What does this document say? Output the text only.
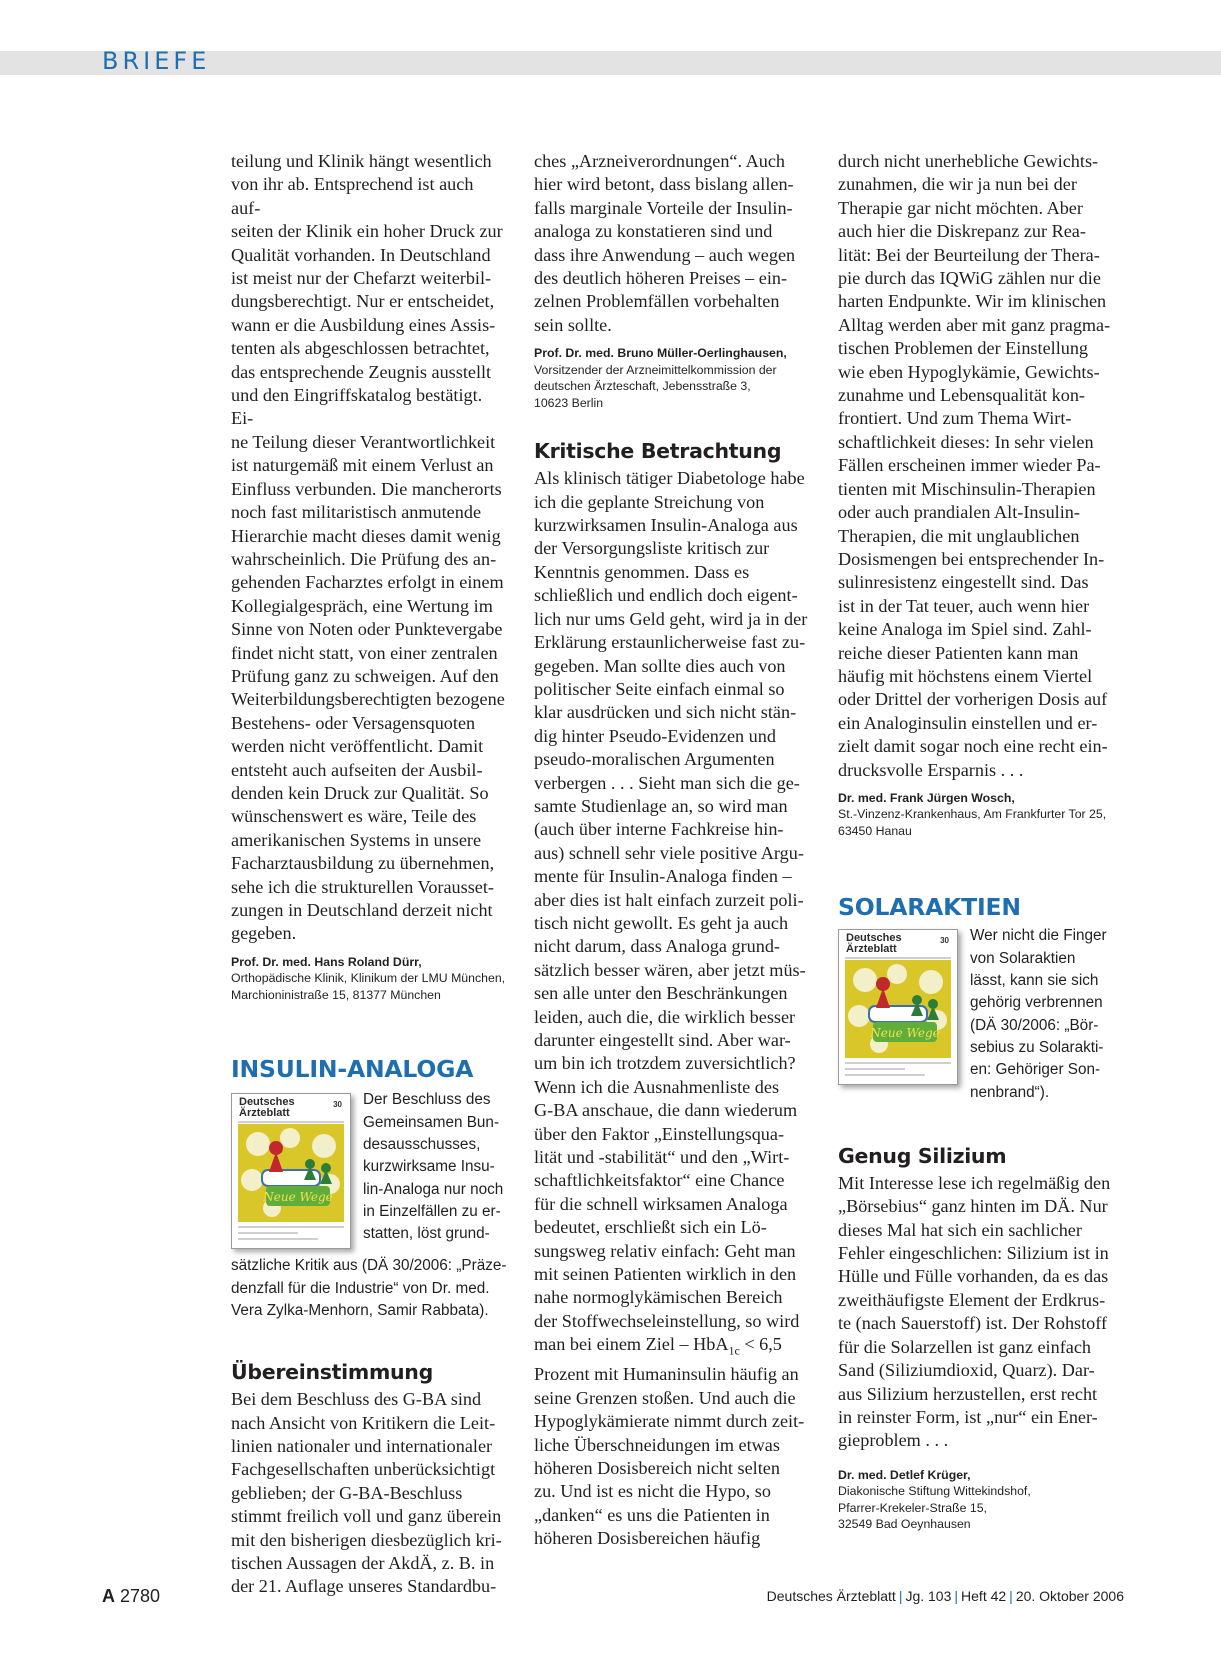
BRIEFE
teilung und Klinik hängt wesentlich
von ihr ab. Entsprechend ist auch auf-
seiten der Klinik ein hoher Druck zur
Qualität vorhanden. In Deutschland
ist meist nur der Chefarzt weiterbil-
dungsberechtigt. Nur er entscheidet,
wann er die Ausbildung eines Assis-
tenten als abgeschlossen betrachtet,
das entsprechende Zeugnis ausstellt
und den Eingriffskatalog bestätigt. Ei-
ne Teilung dieser Verantwortlichkeit
ist naturgemäß mit einem Verlust an
Einfluss verbunden. Die mancherorts
noch fast militaristisch anmutende
Hierarchie macht dieses damit wenig
wahrscheinlich. Die Prüfung des an-
gehenden Facharztes erfolgt in einem
Kollegialgespräch, eine Wertung im
Sinne von Noten oder Punktevergabe
findet nicht statt, von einer zentralen
Prüfung ganz zu schweigen. Auf den
Weiterbildungsberechtigten bezogene
Bestehens- oder Versagensquoten
werden nicht veröffentlicht. Damit
entsteht auch aufseiten der Ausbil-
denden kein Druck zur Qualität. So
wünschenswert es wäre, Teile des
amerikanischen Systems in unsere
Facharztausbildung zu übernehmen,
sehe ich die strukturellen Vorausset-
zungen in Deutschland derzeit nicht
gegeben.
Prof. Dr. med. Hans Roland Dürr,
Orthopädische Klinik, Klinikum der LMU München,
Marchioninistraße 15, 81377 München
INSULIN-ANALOGA
Deutsches
Ärzteblatt
30
Neue Wege
Der Beschluss des
Gemeinsamen Bun-
desausschusses,
kurzwirksame Insu-
lin-Analoga nur noch
in Einzelfällen zu er-
statten, löst grund-
sätzliche Kritik aus (DÄ 30/2006: „Präze-
denzfall für die Industrie“ von Dr. med.
Vera Zylka-Menhorn, Samir Rabbata).
Übereinstimmung
Bei dem Beschluss des G-BA sind
nach Ansicht von Kritikern die Leit-
linien nationaler und internationaler
Fachgesellschaften unberücksichtigt
geblieben; der G-BA-Beschluss
stimmt freilich voll und ganz überein
mit den bisherigen diesbezüglich kri-
tischen Aussagen der AkdÄ, z. B. in
der 21. Auflage unseres Standardbu-
ches „Arzneiverordnungen“. Auch
hier wird betont, dass bislang allen-
falls marginale Vorteile der Insulin-
analoga zu konstatieren sind und
dass ihre Anwendung – auch wegen
des deutlich höheren Preises – ein-
zelnen Problemfällen vorbehalten
sein sollte.
Prof. Dr. med. Bruno Müller-Oerlinghausen,
Vorsitzender der Arzneimittelkommission der
deutschen Ärzteschaft, Jebensstraße 3,
10623 Berlin
Kritische Betrachtung
Als klinisch tätiger Diabetologe habe
ich die geplante Streichung von
kurzwirksamen Insulin-Analoga aus
der Versorgungsliste kritisch zur
Kenntnis genommen. Dass es
schließlich und endlich doch eigent-
lich nur ums Geld geht, wird ja in der
Erklärung erstaunlicherweise fast zu-
gegeben. Man sollte dies auch von
politischer Seite einfach einmal so
klar ausdrücken und sich nicht stän-
dig hinter Pseudo-Evidenzen und
pseudo-moralischen Argumenten
verbergen . . . Sieht man sich die ge-
samte Studienlage an, so wird man
(auch über interne Fachkreise hin-
aus) schnell sehr viele positive Argu-
mente für Insulin-Analoga finden –
aber dies ist halt einfach zurzeit poli-
tisch nicht gewollt. Es geht ja auch
nicht darum, dass Analoga grund-
sätzlich besser wären, aber jetzt müs-
sen alle unter den Beschränkungen
leiden, auch die, die wirklich besser
darunter eingestellt sind. Aber war-
um bin ich trotzdem zuversichtlich?
Wenn ich die Ausnahmenliste des
G-BA anschaue, die dann wiederum
über den Faktor „Einstellungsqua-
lität und -stabilität“ und den „Wirt-
schaftlichkeitsfaktor“ eine Chance
für die schnell wirksamen Analoga
bedeutet, erschließt sich ein Lö-
sungsweg relativ einfach: Geht man
mit seinen Patienten wirklich in den
nahe normoglykämischen Bereich
der Stoffwechseleinstellung, so wird
man bei einem Ziel – HbA$_{1c}$ < 6,5
Prozent mit Humaninsulin häufig an
seine Grenzen stoßen. Und auch die
Hypoglykämierate nimmt durch zeit-
liche Überschneidungen im etwas
höheren Dosisbereich nicht selten
zu. Und ist es nicht die Hypo, so
„danken“ es uns die Patienten in
höheren Dosisbereichen häufig
durch nicht unerhebliche Gewichts-
zunahmen, die wir ja nun bei der
Therapie gar nicht möchten. Aber
auch hier die Diskrepanz zur Rea-
lität: Bei der Beurteilung der Thera-
pie durch das IQWiG zählen nur die
harten Endpunkte. Wir im klinischen
Alltag werden aber mit ganz pragma-
tischen Problemen der Einstellung
wie eben Hypoglykämie, Gewichts-
zunahme und Lebensqualität kon-
frontiert. Und zum Thema Wirt-
schaftlichkeit dieses: In sehr vielen
Fällen erscheinen immer wieder Pa-
tienten mit Mischinsulin-Therapien
oder auch prandialen Alt-Insulin-
Therapien, die mit unglaublichen
Dosismengen bei entsprechender In-
sulinresistenz eingestellt sind. Das
ist in der Tat teuer, auch wenn hier
keine Analoga im Spiel sind. Zahl-
reiche dieser Patienten kann man
häufig mit höchstens einem Viertel
oder Drittel der vorherigen Dosis auf
ein Analoginsulin einstellen und er-
zielt damit sogar noch eine recht ein-
drucksvolle Ersparnis . . .
Dr. med. Frank Jürgen Wosch,
St.-Vinzenz-Krankenhaus, Am Frankfurter Tor 25,
63450 Hanau
SOLARAKTIEN
Deutsches
Ärzteblatt
30
Neue Wege
Wer nicht die Finger
von Solaraktien
lässt, kann sie sich
gehörig verbrennen
(DÄ 30/2006: „Bör-
sebius zu Solarakti-
en: Gehöriger Son-
nenbrand“).
Genug Silizium
Mit Interesse lese ich regelmäßig den
„Börsebius“ ganz hinten im DÄ. Nur
dieses Mal hat sich ein sachlicher
Fehler eingeschlichen: Silizium ist in
Hülle und Fülle vorhanden, da es das
zweithäufigste Element der Erdkrus-
te (nach Sauerstoff) ist. Der Rohstoff
für die Solarzellen ist ganz einfach
Sand (Siliziumdioxid, Quarz). Dar-
aus Silizium herzustellen, erst recht
in reinster Form, ist „nur“ ein Ener-
gieproblem . . .
Dr. med. Detlef Krüger,
Diakonische Stiftung Wittekindshof,
Pfarrer-Krekeler-Straße 15,
32549 Bad Oeynhausen
A 2780	Deutsches Ärzteblatt | Jg. 103 | Heft 42 | 20. Oktober 2006
